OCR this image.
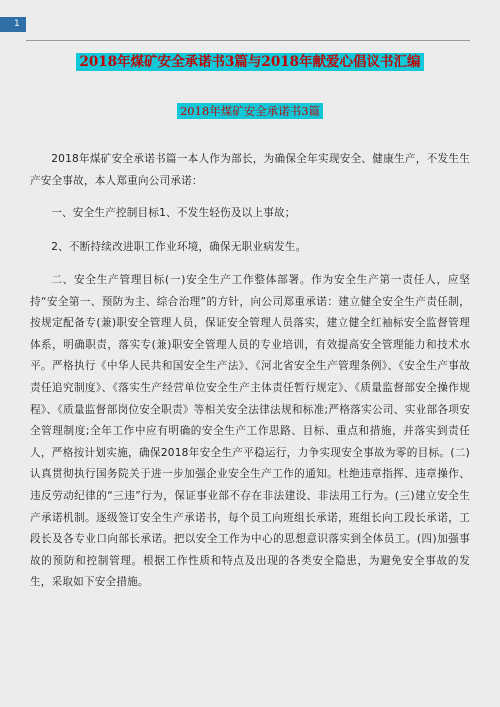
1
2018年煤矿安全承诺书3篇与2018年献爱心倡议书汇编
2018年煤矿安全承诺书3篇

2018年煤矿安全承诺书篇一本人作为部长，为确保全年实现安全、健康生产，不发生生产安全事故，本人郑重向公司承诺：

一、安全生产控制目标1、不发生轻伤及以上事故；

2、不断持续改进职工作业环境，确保无职业病发生。

二、安全生产管理目标(一)安全生产工作整体部署。作为安全生产第一责任人，应坚持“安全第一、预防为主、综合治理”的方针，向公司郑重承诺：建立健全安全生产责任制，按规定配备专(兼)职安全管理人员，保证安全管理人员落实，建立健全红袖标安全监督管理体系，明确职责，落实专(兼)职安全管理人员的专业培训，有效提高安全管理能力和技术水平。严格执行《中华人民共和国安全生产法》、《河北省安全生产管理条例》、《安全生产事故责任追究制度》、《落实生产经营单位安全生产主体责任暂行规定》、《质量监督部安全操作规程》、《质量监督部岗位安全职责》等相关安全法律法规和标准;严格落实公司、实业部各项安全管理制度;全年工作中应有明确的安全生产工作思路、目标、重点和措施，并落实到责任人，严格按计划实施，确保2018年安全生产平稳运行，力争实现安全事故为零的目标。(二)认真贯彻执行国务院关于进一步加强企业安全生产工作的通知。杜绝违章指挥、违章操作、违反劳动纪律的“三违”行为，保证事业部不存在非法建设、非法用工行为。(三)建立安全生产承诺机制。逐级签订安全生产承诺书，每个员工向班组长承诺，班组长向工段长承诺，工段长及各专业口向部长承诺。把以安全工作为中心的思想意识落实到全体员工。(四)加强事故的预防和控制管理。根据工作性质和特点及出现的各类安全隐患，为避免安全事故的发生，采取如下安全措施。
